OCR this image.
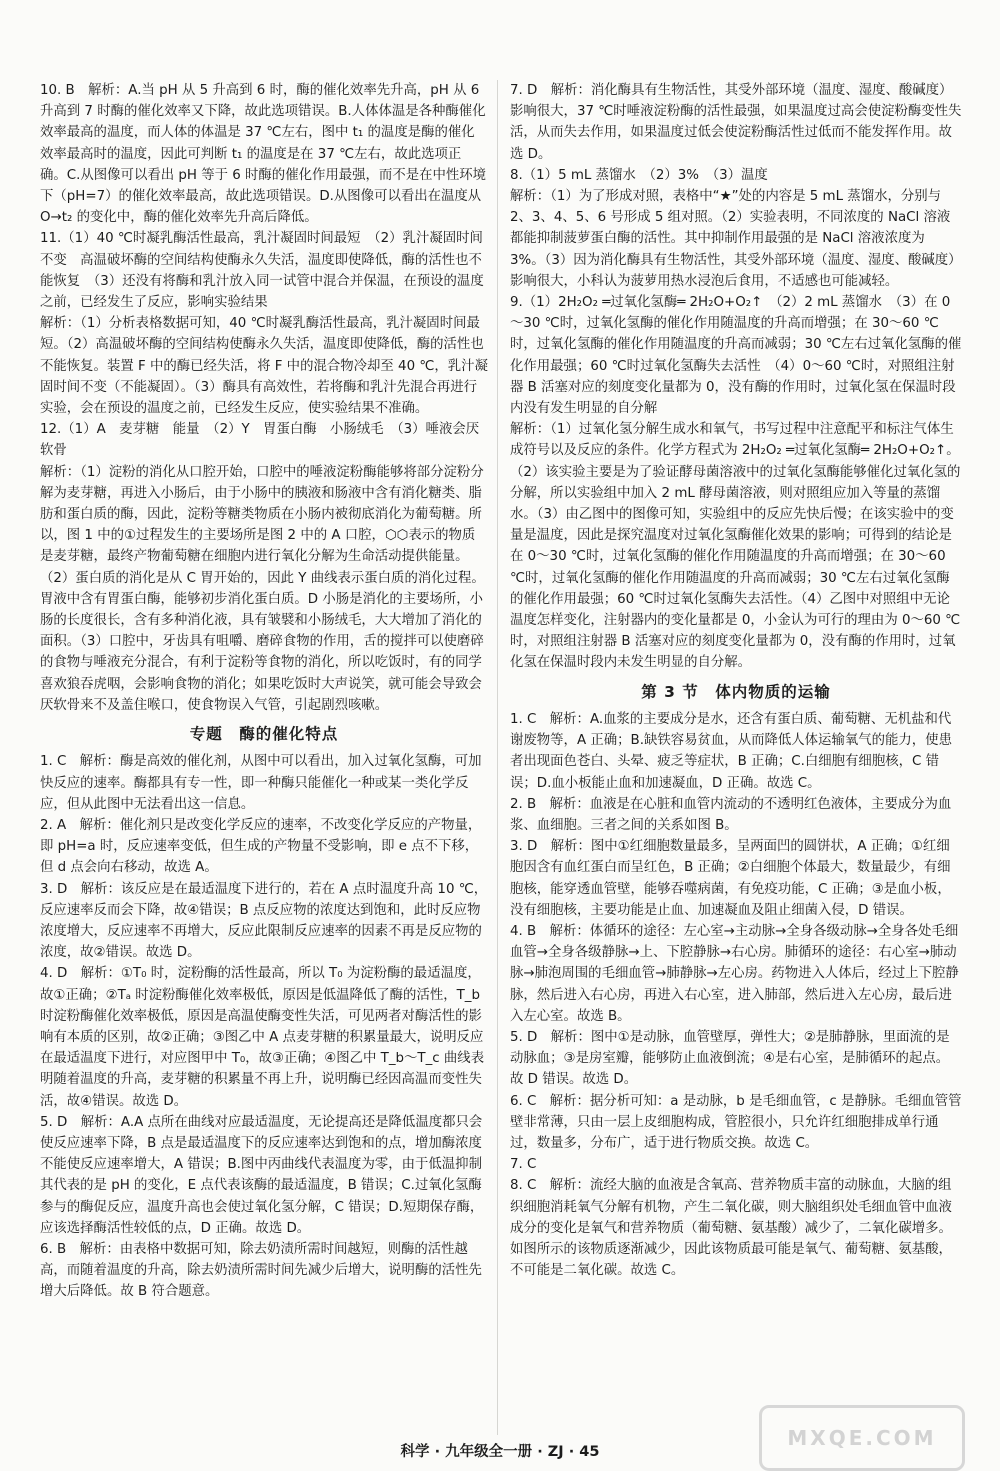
10. B　解析：A.当 pH 从 5 升高到 6 时，酶的催化效率先升高，pH 从 6 升高到 7 时酶的催化效率又下降，故此选项错误。B.人体体温是各种酶催化效率最高的温度，而人体的体温是 37 ℃左右，图中 t₁ 的温度是酶的催化效率最高时的温度，因此可判断 t₁ 的温度是在 37 ℃左右，故此选项正确。C.从图像可以看出 pH 等于 6 时酶的催化作用最强，而不是在中性环境下（pH=7）的催化效率最高，故此选项错误。D.从图像可以看出在温度从 O→t₂ 的变化中，酶的催化效率先升高后降低。

11.（1）40 ℃时凝乳酶活性最高，乳汁凝固时间最短　（2）乳汁凝固时间不变　高温破坏酶的空间结构使酶永久失活，温度即使降低，酶的活性也不能恢复　（3）还没有将酶和乳汁放入同一试管中混合并保温，在预设的温度之前，已经发生了反应，影响实验结果

解析：（1）分析表格数据可知，40 ℃时凝乳酶活性最高，乳汁凝固时间最短。（2）高温破坏酶的空间结构使酶永久失活，温度即使降低，酶的活性也不能恢复。装置 F 中的酶已经失活，将 F 中的混合物冷却至 40 ℃，乳汁凝固时间不变（不能凝固）。（3）酶具有高效性，若将酶和乳汁先混合再进行实验，会在预设的温度之前，已经发生反应，使实验结果不准确。

12.（1）A　麦芽糖　能量　（2）Y　胃蛋白酶　小肠绒毛　（3）唾液会厌软骨

解析：（1）淀粉的消化从口腔开始，口腔中的唾液淀粉酶能够将部分淀粉分解为麦芽糖，再进入小肠后，由于小肠中的胰液和肠液中含有消化糖类、脂肪和蛋白质的酶，因此，淀粉等糖类物质在小肠内被彻底消化为葡萄糖。所以，图 1 中的①过程发生的主要场所是图 2 中的 A 口腔，⬡⬡表示的物质是麦芽糖，最终产物葡萄糖在细胞内进行氧化分解为生命活动提供能量。（2）蛋白质的消化是从 C 胃开始的，因此 Y 曲线表示蛋白质的消化过程。胃液中含有胃蛋白酶，能够初步消化蛋白质。D 小肠是消化的主要场所，小肠的长度很长，含有多种消化液，具有皱襞和小肠绒毛，大大增加了消化的面积。（3）口腔中，牙齿具有咀嚼、磨碎食物的作用，舌的搅拌可以使磨碎的食物与唾液充分混合，有利于淀粉等食物的消化，所以吃饭时，有的同学喜欢狼吞虎咽，会影响食物的消化；如果吃饭时大声说笑，就可能会导致会厌软骨来不及盖住喉口，使食物误入气管，引起剧烈咳嗽。

专题　酶的催化特点

1. C　解析：酶是高效的催化剂，从图中可以看出，加入过氧化氢酶，可加快反应的速率。酶都具有专一性，即一种酶只能催化一种或某一类化学反应，但从此图中无法看出这一信息。

2. A　解析：催化剂只是改变化学反应的速率，不改变化学反应的产物量，即 pH=a 时，反应速率变低，但生成的产物量不受影响，即 e 点不下移，但 d 点会向右移动，故选 A。

3. D　解析：该反应是在最适温度下进行的，若在 A 点时温度升高 10 ℃，反应速率反而会下降，故④错误；B 点反应物的浓度达到饱和，此时反应物浓度增大，反应速率不再增大，反应此限制反应速率的因素不再是反应物的浓度，故②错误。故选 D。

4. D　解析：①T₀ 时，淀粉酶的活性最高，所以 T₀ 为淀粉酶的最适温度，故①正确；②Tₐ 时淀粉酶催化效率极低，原因是低温降低了酶的活性，T_b 时淀粉酶催化效率极低，原因是高温使酶变性失活，可见两者对酶活性的影响有本质的区别，故②正确；③图乙中 A 点麦芽糖的积累量最大，说明反应在最适温度下进行，对应图甲中 T₀，故③正确；④图乙中 T_b～T_c 曲线表明随着温度的升高，麦芽糖的积累量不再上升，说明酶已经因高温而变性失活，故④错误。故选 D。

5. D　解析：A.A 点所在曲线对应最适温度，无论提高还是降低温度都只会使反应速率下降，B 点是最适温度下的反应速率达到饱和的点，增加酶浓度不能使反应速率增大，A 错误；B.图中丙曲线代表温度为零，由于低温抑制其代表的是 pH 的变化，E 点代表该酶的最适温度，B 错误；C.过氧化氢酶参与的酶促反应，温度升高也会使过氧化氢分解，C 错误；D.短期保存酶，应该选择酶活性较低的点，D 正确。故选 D。

6. B　解析：由表格中数据可知，除去奶渍所需时间越短，则酶的活性越高，而随着温度的升高，除去奶渍所需时间先减少后增大，说明酶的活性先增大后降低。故 B 符合题意。

7. D　解析：消化酶具有生物活性，其受外部环境（温度、湿度、酸碱度）影响很大，37 ℃时唾液淀粉酶的活性最强，如果温度过高会使淀粉酶变性失活，从而失去作用，如果温度过低会使淀粉酶活性过低而不能发挥作用。故选 D。

8.（1）5 mL 蒸馏水　（2）3%　（3）温度

解析：（1）为了形成对照，表格中“★”处的内容是 5 mL 蒸馏水，分别与 2、3、4、5、6 号形成 5 组对照。（2）实验表明，不同浓度的 NaCl 溶液都能抑制菠萝蛋白酶的活性。其中抑制作用最强的是 NaCl 溶液浓度为 3%。（3）因为消化酶具有生物活性，其受外部环境（温度、湿度、酸碱度）影响很大，小科认为菠萝用热水浸泡后食用，不适感也可能减轻。

9.（1）2H₂O₂ ═过氧化氢酶═ 2H₂O+O₂↑　（2）2 mL 蒸馏水　（3）在 0～30 ℃时，过氧化氢酶的催化作用随温度的升高而增强；在 30～60 ℃时，过氧化氢酶的催化作用随温度的升高而减弱；30 ℃左右过氧化氢酶的催化作用最强；60 ℃时过氧化氢酶失去活性　（4）0～60 ℃时，对照组注射器 B 活塞对应的刻度变化量都为 0，没有酶的作用时，过氧化氢在保温时段内没有发生明显的自分解

解析：（1）过氧化氢分解生成水和氧气，书写过程中注意配平和标注气体生成符号以及反应的条件。化学方程式为 2H₂O₂ ═过氧化氢酶═ 2H₂O+O₂↑。（2）该实验主要是为了验证酵母菌溶液中的过氧化氢酶能够催化过氧化氢的分解，所以实验组中加入 2 mL 酵母菌溶液，则对照组应加入等量的蒸馏水。（3）由乙图中的图像可知，实验组中的反应先快后慢；在该实验中的变量是温度，因此是探究温度对过氧化氢酶催化效果的影响；可得到的结论是在 0～30 ℃时，过氧化氢酶的催化作用随温度的升高而增强；在 30～60 ℃时，过氧化氢酶的催化作用随温度的升高而减弱；30 ℃左右过氧化氢酶的催化作用最强；60 ℃时过氧化氢酶失去活性。（4）乙图中对照组中无论温度怎样变化，注射器内的变化量都是 0，小金认为可行的理由为 0～60 ℃时，对照组注射器 B 活塞对应的刻度变化量都为 0，没有酶的作用时，过氧化氢在保温时段内未发生明显的自分解。

第 3 节　体内物质的运输

1. C　解析：A.血浆的主要成分是水，还含有蛋白质、葡萄糖、无机盐和代谢废物等，A 正确；B.缺铁容易贫血，从而降低人体运输氧气的能力，使患者出现面色苍白、头晕、疲乏等症状，B 正确；C.白细胞有细胞核，C 错误；D.血小板能止血和加速凝血，D 正确。故选 C。

2. B　解析：血液是在心脏和血管内流动的不透明红色液体，主要成分为血浆、血细胞。三者之间的关系如图 B。

3. D　解析：图中①红细胞数量最多，呈两面凹的圆饼状，A 正确；①红细胞因含有血红蛋白而呈红色，B 正确；②白细胞个体最大，数量最少，有细胞核，能穿透血管壁，能够吞噬病菌，有免疫功能，C 正确；③是血小板，没有细胞核，主要功能是止血、加速凝血及阻止细菌入侵，D 错误。

4. B　解析：体循环的途径：左心室→主动脉→全身各级动脉→全身各处毛细血管→全身各级静脉→上、下腔静脉→右心房。肺循环的途径：右心室→肺动脉→肺泡周围的毛细血管→肺静脉→左心房。药物进入人体后，经过上下腔静脉，然后进入右心房，再进入右心室，进入肺部，然后进入左心房，最后进入左心室。故选 B。

5. D　解析：图中①是动脉，血管壁厚，弹性大；②是肺静脉，里面流的是动脉血；③是房室瓣，能够防止血液倒流；④是右心室，是肺循环的起点。故 D 错误。故选 D。

6. C　解析：据分析可知：a 是动脉，b 是毛细血管，c 是静脉。毛细血管管壁非常薄，只由一层上皮细胞构成，管腔很小，只允许红细胞排成单行通过，数量多，分布广，适于进行物质交换。故选 C。

7. C

8. C　解析：流经大脑的血液是含氧高、营养物质丰富的动脉血，大脑的组织细胞消耗氧气分解有机物，产生二氧化碳，则大脑组织处毛细血管中血液成分的变化是氧气和营养物质（葡萄糖、氨基酸）减少了，二氧化碳增多。如图所示的该物质逐渐减少，因此该物质最可能是氧气、葡萄糖、氨基酸，不可能是二氧化碳。故选 C。

科学 · 九年级全一册 · ZJ · 45
MXQE.COM
